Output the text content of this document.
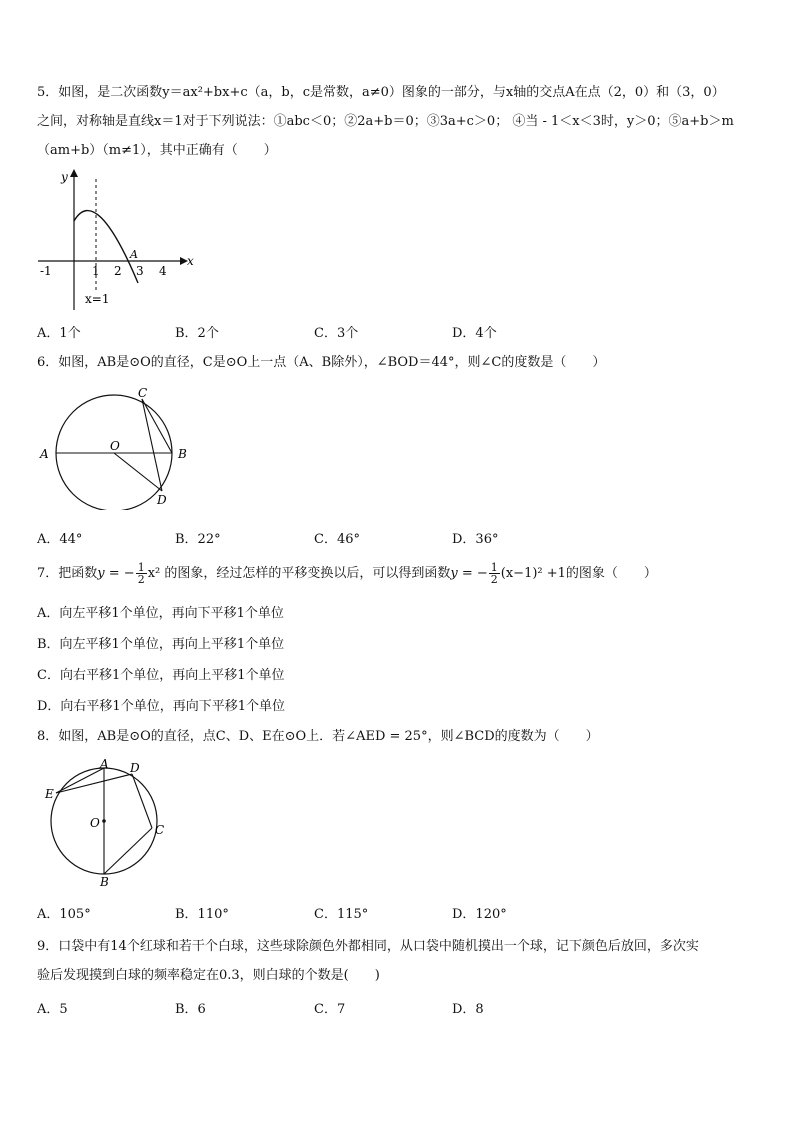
5．如图，是二次函数y＝ax²+bx+c（a，b，c是常数，a≠0）图象的一部分，与x轴的交点A在点（2，0）和（3，0）
之间，对称轴是直线x＝1对于下列说法：①abc＜0；②2a+b＝0；③3a+c＞0； ④当 - 1＜x＜3时，y＞0；⑤a+b＞m
（am+b）（m≠1），其中正确有（　　）
-1	1 2 3 4
A	x
y
x=1
A．1个	B．2个	C．3个	D．4个
6．如图，AB是⊙O的直径，C是⊙O上一点（A、B除外），∠BOD＝44°，则∠C的度数是（　　）
A	B
C
D
O
A．44°	B．22°	C．46°	D．36°
7．把函数y = − $\frac{1}{2} x^2$ 的图象，经过怎样的平移变换以后，可以得到函数y = − $\frac{1}{2} (x-1)^2 +1$的图象（　　）
A．向左平移1个单位，再向下平移1个单位
B．向左平移1个单位，再向上平移1个单位
C．向右平移1个单位，再向上平移1个单位
D．向右平移1个单位，再向下平移1个单位
8．如图，AB是⊙O的直径，点C、D、E在⊙O上．若∠AED = 25°，则∠BCD的度数为（　　）
A D
E
C
B
O
A．105°	B．110°	C．115°	D．120°
9．口袋中有14个红球和若干个白球，这些球除颜色外都相同，从口袋中随机摸出一个球，记下颜色后放回，多次实
验后发现摸到白球的频率稳定在0.3，则白球的个数是(　　)
A．5	B．6	C．7	D．8
